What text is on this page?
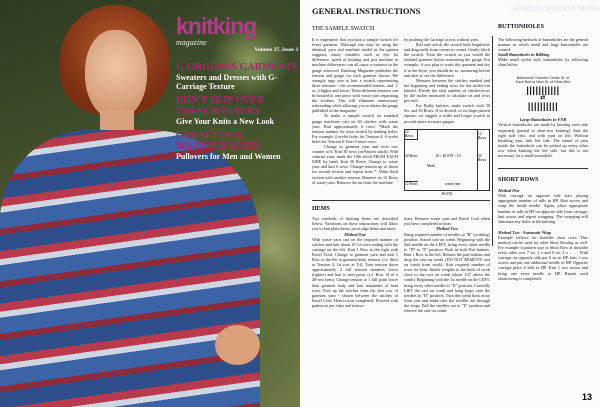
knitking
magazine
Volume 27, Issue 3
G-ORGEOUS GARMENTS
Sweaters and Dresses with G-Carriage Texture
DON'T SKIP OVER THESE WINNERS
Give Your Knits a New Look
GREAT COLD WEATHER KNITS
Pullovers for Men and Women
GENERAL INSTRUCTIONS
GENERAL INSTRUCTIONS
THE SAMPLE SWATCH

It is imperative that you knit a sample swatch for every garment. Although you may be using the identical yarn and machine model as the pattern suggests, many variables such as dye lot difference, speed of knitting and just machine to machine differences can all cause a variance in the gauge achieved. Knitking Magazine publishes the tension and gauge for each garment shown. We strongly urge you to knit a swatch representing three tensions - the recommended tension, and .1 or .2 higher and lower. These different tensions can be knitted in one piece with waste yarn separating the sections. This will eliminate unnecessary rethreading while allowing you to obtain the gauge published in the magazine.

To make a sample swatch on standard gauge machines cast on 60 stitches with waste yarn. Knit approximately 6 rows. *Mark the tension number for your swatch by making holes. For example 4 eyelet holes for Tension 4, 6 eyelet holes for Tension 6. Knit 6 more rows.

Change to garment yarn and reset row counter to 0. Knit 30 rows (in Pattern stitch). With contrast yarn, mark the 10th stitch FROM EACH SIDE by hand. Knit 30 Rows. Change to waste yarn and knit 6 rows. Change tension up or down for second section and repeat from *. Make third section with another tension. Remove on 12 Rows of waste yarn. Remove the air from the machine

by pushing the Carriage across without yarn.

Pull and stretch the swatch both lengthwise and diagonally from corner to corner. Gently block the swatch. Treat the swatch as you would the finished garment before measuring the gauge. For example, if you plan to wash this garment and dry it in the dryer, you should do so, measuring before and after to see the difference.

Measure between the stitches marked and the beginning and ending rows for the inches/cm knitted. Divide the total number of stitches/rows by the inches measured to calculate sts and rows per inch.

For Bulky knitters, make swatch with 30 Sts. and 30 Rows. If so desired, or for large pattern repeats, we suggest a wider and longer swatch to provide more accurate gauges.

12 Rows
30 Rows
12 Rows
10 ↑ 40 STS ↑ 10
Mark
waste yarn
12 Rows
30 Rows
60 STS
HEMS

Two methods of knitting hems are described below. Variations on these instructions will allow you to knit plain hems, picot edge hems and more.

Method One

With waste yarn cast on the required number of stitches and knit about 10-12 rows ending with the carriage on the left. Knit 1 Row to the right with Ravel Cord. Change to garment yarn and knit 1 Row to the left at garment body tension. (i.e. Skirt at Tension 4, 1st row at T4). Turn tension down approximately 2 full tension numbers lower (tighter) and knit to mid point. (i.e. Row 14 of a 28-row hem). Change tension to 1 full point lower than garment body and knit remainder of hem rows. Pick up the stitches from the first row of garment yarn - shown between the stitches of Ravel Cord. Hem is now completed. Proceed with pattern as per chart and instruc-

tions. Remove waste yarn and Ravel Cord when you have completed section.

Method Two

Bring required number of needles to "B" (working) position. Attach cast-on comb. Beginning with the 2nd needle on the LEFT, bring every other needle to "D" or "E" position. Push in both Part buttons. Knit 1 Row to the left. Release the part buttons and drop the cast-on comb. (DO NOT REMOVE cast on comb from work). Knit required number of rows for hem. Attach weights to the back of work close to the cast on comb (about 1/4" above the comb). Beginning with the 1st needle on the LEFT, bring every other needle to "D" position. Carefully LIFT the cast on comb and hang loops onto the needles in "D" position. Turn the comb back away from you and make sure the needles are through the loops. Pull the needles out to "E" position and remove the cast-on comb.

BUTTONHOLES

The following methods of buttonholes are the general manner in which small and large buttonholes are created.

Small Buttonholes in Ribbing

Make small eyelet style buttonholes by following chart below.

Buttonhole Transfer Center St. of Each Bed to Next St. of Other Bed
|||||||||||
⇄
||||||||||
Large Buttonholes in FNR

Vertical buttonholes are made by knitting each side separately (partial or short-row knitting). Knit the right side first, end with yarn on left. Without breaking yarn, knit left side. The strand of yarn inside the buttonhole can be picked up every other row when knitting the left side, but this is not necessary for a small buttonhole.

SHORT ROWS
Method One

With carriage on opposite side start placing appropriate number of ndls in HP. Knit across and wrap the inside needle. Again, place appropriate number of ndls in HP on opposite side from carriage, knit across and repeat wrapping. The wrapping will eliminate any holes in the knitting.

Method Two - Automatic Wrap

Example follows for shoulder short rows. This method can be used for other Short Rowing as well. For example if pattern says to Short Row at shoulder every other row 7 sts, 1 x and 6 sts, 1 x . . . . With carriage on opposite side put 6 sts in HP, knit 1 row across and put one additional needle in HP. Opposite carriage place 6 ndls in HP. Knit 1 row across and bring one extra needle to HP. Repeat until shortrowing is completed.

13
